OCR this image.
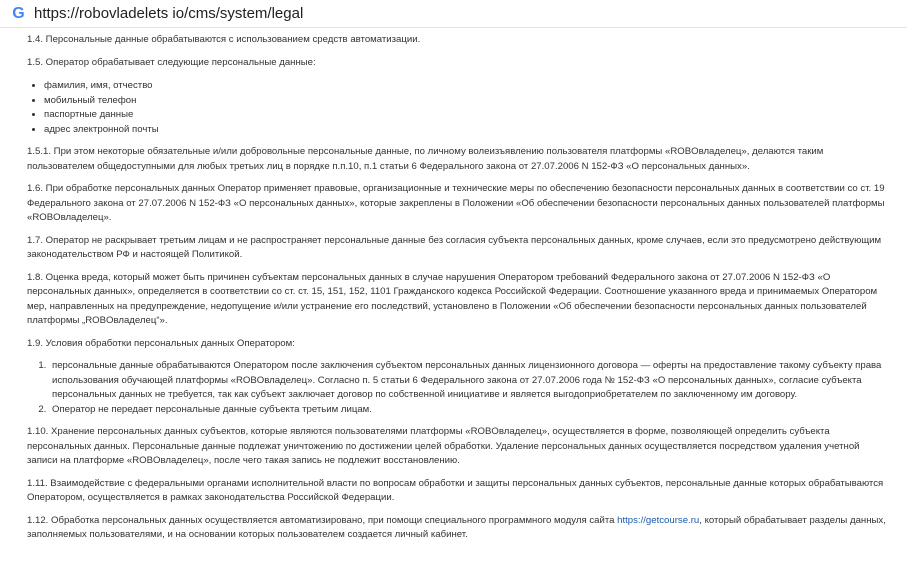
G https://robovladelets io/cms/system/legal

1.4. Персональные данные обрабатываются с использованием средств автоматизации.

1.5. Оператор обрабатывает следующие персональные данные:

• фамилия, имя, отчество
• мобильный телефон
• паспортные данные
• адрес электронной почты

1.5.1. При этом некоторые обязательные и/или добровольные персональные данные, по личному волеизъявлению пользователя платформы «ROBOвладелец», делаются таким пользователем общедоступными для любых третьих лиц в порядке п.п.10, п.1 статьи 6 Федерального закона от 27.07.2006 N 152-ФЗ «О персональных данных».

1.6. При обработке персональных данных Оператор применяет правовые, организационные и технические меры по обеспечению безопасности персональных данных в соответствии со ст. 19 Федерального закона от 27.07.2006 N 152-ФЗ «О персональных данных», которые закреплены в Положении «Об обеспечении безопасности персональных данных пользователей платформы «ROBOвладелец».

1.7. Оператор не раскрывает третьим лицам и не распространяет персональные данные без согласия субъекта персональных данных, кроме случаев, если это предусмотрено действующим законодательством РФ и настоящей Политикой.

1.8. Оценка вреда, который может быть причинен субъектам персональных данных в случае нарушения Оператором требований Федерального закона от 27.07.2006 N 152-ФЗ «О персональных данных», определяется в соответствии со ст. ст. 15, 151, 152, 1101 Гражданского кодекса Российской Федерации. Соотношение указанного вреда и принимаемых Оператором мер, направленных на предупреждение, недопущение и/или устранение его последствий, установлено в Положении «Об обеспечении безопасности персональных данных пользователей платформы „ROBOвладелец“».

1.9. Условия обработки персональных данных Оператором:

1. персональные данные обрабатываются Оператором после заключения субъектом персональных данных лицензионного договора — оферты на предоставление такому субъекту права использования обучающей платформы «ROBOвладелец». Согласно п. 5 статьи 6 Федерального закона от 27.07.2006 года № 152-ФЗ «О персональных данных», согласие субъекта персональных данных не требуется, так как субъект заключает договор по собственной инициативе и является выгодоприобретателем по заключенному им договору.
2. Оператор не передает персональные данные субъекта третьим лицам.

1.10. Хранение персональных данных субъектов, которые являются пользователями платформы «ROBOвладелец», осуществляется в форме, позволяющей определить субъекта персональных данных. Персональные данные подлежат уничтожению по достижении целей обработки. Удаление персональных данных осуществляется посредством удаления учетной записи на платформе «ROBOвладелец», после чего такая запись не подлежит восстановлению.

1.11. Взаимодействие с федеральными органами исполнительной власти по вопросам обработки и защиты персональных данных субъектов, персональные данные которых обрабатываются Оператором, осуществляется в рамках законодательства Российской Федерации.

1.12. Обработка персональных данных осуществляется автоматизировано, при помощи специального программного модуля сайта https://getcourse.ru, который обрабатывает разделы данных, заполняемых пользователями, и на основании которых пользователем создается личный кабинет.
